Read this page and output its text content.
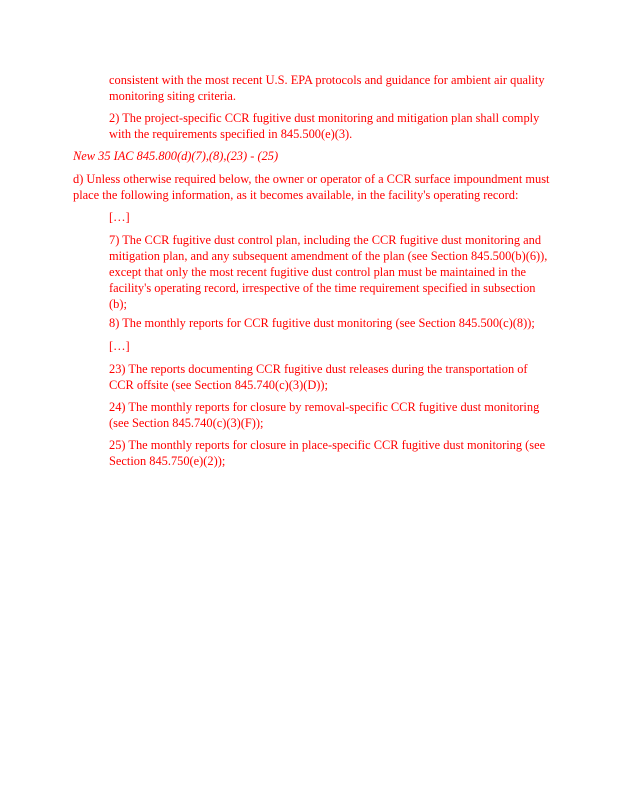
consistent with the most recent U.S. EPA protocols and guidance for ambient air quality
monitoring siting criteria.

2) The project-specific CCR fugitive dust monitoring and mitigation plan shall comply
with the requirements specified in 845.500(e)(3).

New 35 IAC 845.800(d)(7),(8),(23) - (25)

d) Unless otherwise required below, the owner or operator of a CCR surface impoundment must
place the following information, as it becomes available, in the facility's operating record:

[…]

7) The CCR fugitive dust control plan, including the CCR fugitive dust monitoring and
mitigation plan, and any subsequent amendment of the plan (see Section 845.500(b)(6)),
except that only the most recent fugitive dust control plan must be maintained in the
facility's operating record, irrespective of the time requirement specified in subsection
(b);

8) The monthly reports for CCR fugitive dust monitoring (see Section 845.500(c)(8));

[…]

23) The reports documenting CCR fugitive dust releases during the transportation of
CCR offsite (see Section 845.740(c)(3)(D));

24) The monthly reports for closure by removal-specific CCR fugitive dust monitoring
(see Section 845.740(c)(3)(F));

25) The monthly reports for closure in place-specific CCR fugitive dust monitoring (see
Section 845.750(e)(2));
